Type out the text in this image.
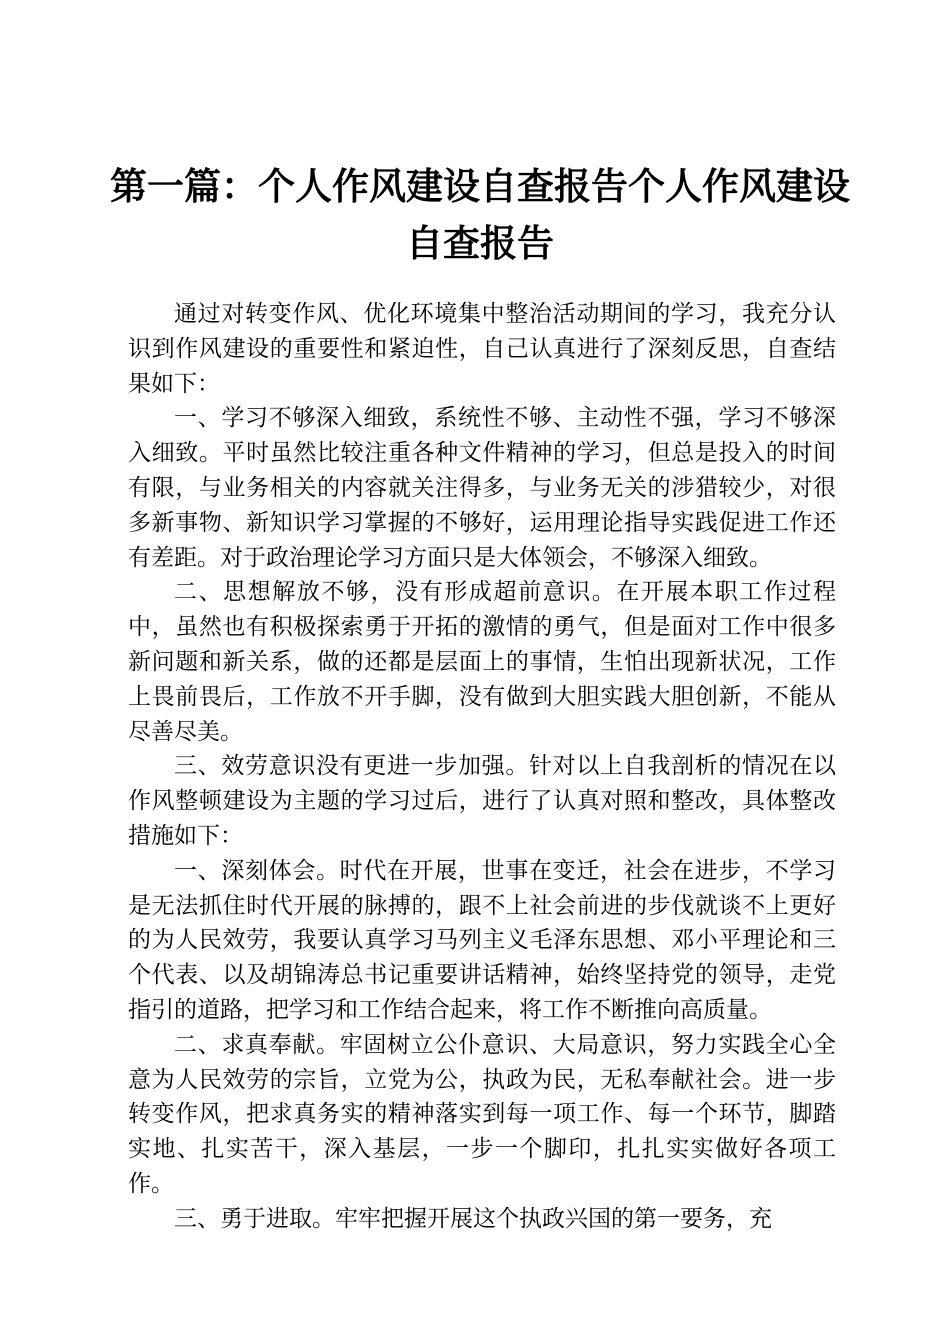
第一篇：个人作风建设自查报告个人作风建设自查报告

通过对转变作风、优化环境集中整治活动期间的学习，我充分认识到作风建设的重要性和紧迫性，自己认真进行了深刻反思，自查结果如下：

一、学习不够深入细致，系统性不够、主动性不强，学习不够深入细致。平时虽然比较注重各种文件精神的学习，但总是投入的时间有限，与业务相关的内容就关注得多，与业务无关的涉猎较少，对很多新事物、新知识学习掌握的不够好，运用理论指导实践促进工作还有差距。对于政治理论学习方面只是大体领会，不够深入细致。

二、思想解放不够，没有形成超前意识。在开展本职工作过程中，虽然也有积极探索勇于开拓的激情的勇气，但是面对工作中很多新问题和新关系，做的还都是层面上的事情，生怕出现新状况，工作上畏前畏后，工作放不开手脚，没有做到大胆实践大胆创新，不能从尽善尽美。

三、效劳意识没有更进一步加强。针对以上自我剖析的情况在以作风整顿建设为主题的学习过后，进行了认真对照和整改，具体整改措施如下：

一、深刻体会。时代在开展，世事在变迁，社会在进步，不学习是无法抓住时代开展的脉搏的，跟不上社会前进的步伐就谈不上更好的为人民效劳，我要认真学习马列主义毛泽东思想、邓小平理论和三个代表、以及胡锦涛总书记重要讲话精神，始终坚持党的领导，走党指引的道路，把学习和工作结合起来，将工作不断推向高质量。

二、求真奉献。牢固树立公仆意识、大局意识，努力实践全心全意为人民效劳的宗旨，立党为公，执政为民，无私奉献社会。进一步转变作风，把求真务实的精神落实到每一项工作、每一个环节，脚踏实地、扎实苦干，深入基层，一步一个脚印，扎扎实实做好各项工作。

三、勇于进取。牢牢把握开展这个执政兴国的第一要务，充
